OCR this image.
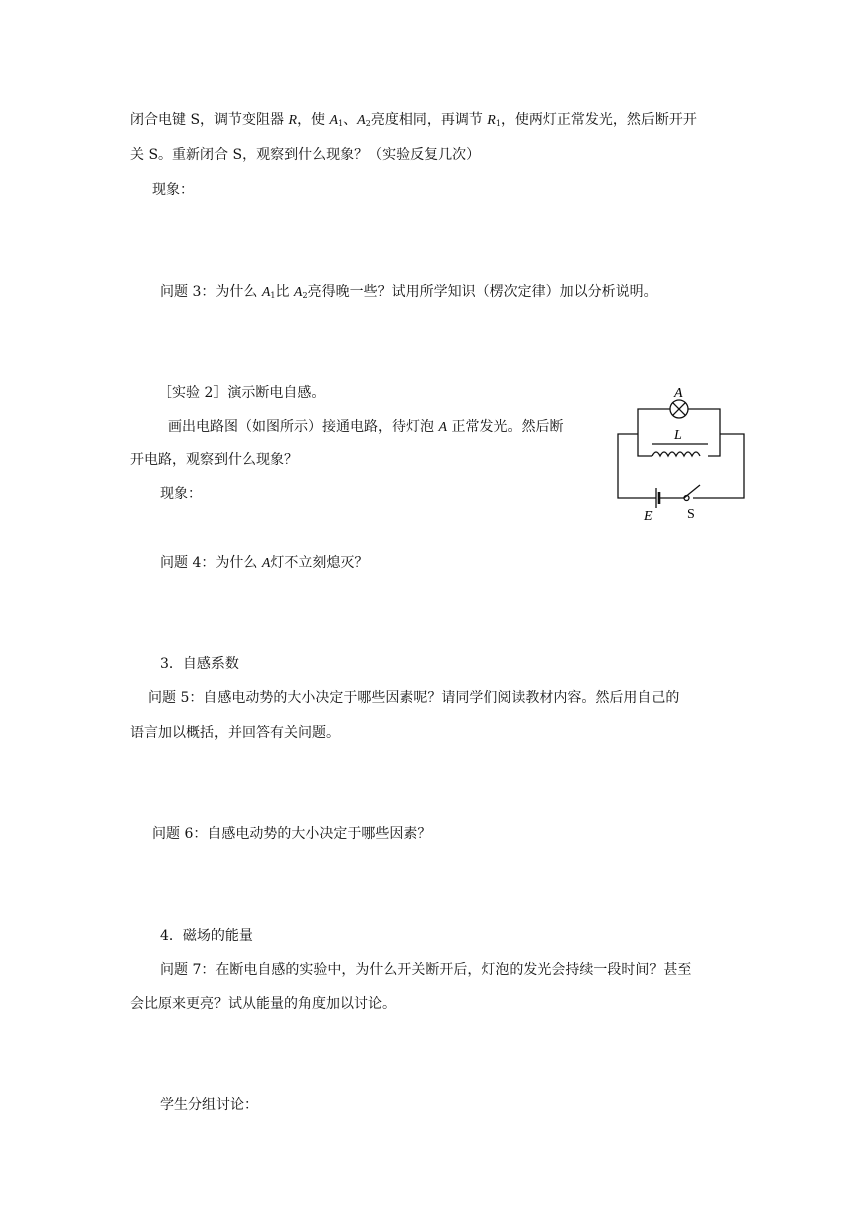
闭合电键 S，调节变阻器 R，使 $A_1$、$A_2$亮度相同，再调节 $R_1$，使两灯正常发光，然后断开开
关 S。重新闭合 S，观察到什么现象？（实验反复几次）
现象：
问题 3：为什么 $A_1$比 $A_2$亮得晚一些？试用所学知识（楞次定律）加以分析说明。
［实验 2］演示断电自感。
画出电路图（如图所示）接通电路，待灯泡 A 正常发光。然后断
开电路，观察到什么现象？
现象：
A
L
E S
问题 4：为什么 A灯不立刻熄灭？
3．自感系数
问题 5：自感电动势的大小决定于哪些因素呢？请同学们阅读教材内容。然后用自己的
语言加以概括，并回答有关问题。
问题 6：自感电动势的大小决定于哪些因素？
4．磁场的能量
问题 7：在断电自感的实验中，为什么开关断开后，灯泡的发光会持续一段时间？甚至
会比原来更亮？试从能量的角度加以讨论。
学生分组讨论：
